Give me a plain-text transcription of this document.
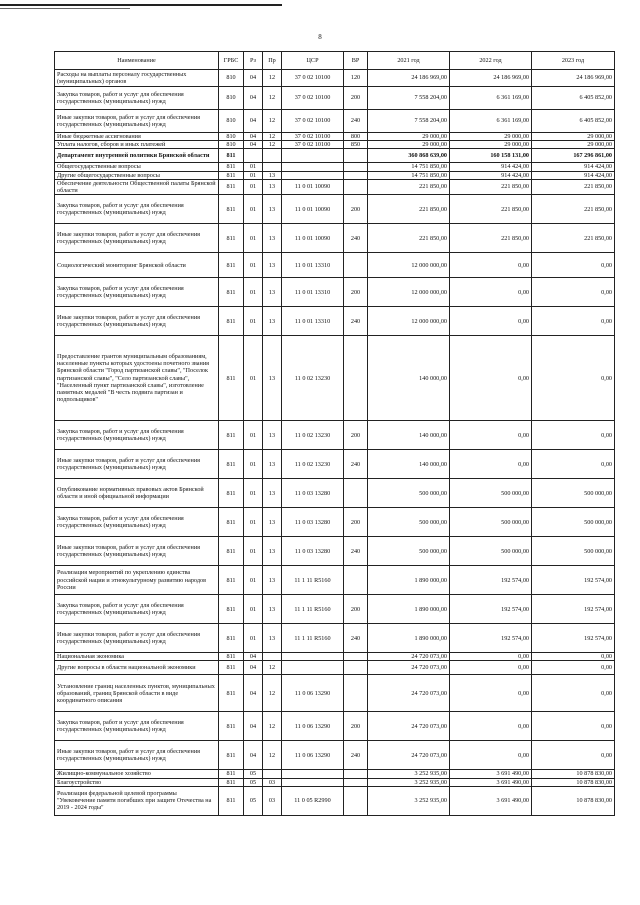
8
Наименование	ГРБС	Рз	Пр	ЦСР	ВР	2021 год	2022 год	2023 год
Расходы на выплаты персоналу государственных (муниципальных) органов	810	04	12	37 0 02 10100	120	24 186 969,00	24 186 969,00	24 186 969,00
Закупка товаров, работ и услуг для обеспечения государственных (муниципальных) нужд	810	04	12	37 0 02 10100	200	7 558 204,00	6 361 169,00	6 405 852,00
Иные закупки товаров, работ и услуг для обеспечения государственных (муниципальных) нужд	810	04	12	37 0 02 10100	240	7 558 204,00	6 361 169,00	6 405 852,00
Иные бюджетные ассигнования	810	04	12	37 0 02 10100	800	29 000,00	29 000,00	29 000,00
Уплата налогов, сборов и иных платежей	810	04	12	37 0 02 10100	850	29 000,00	29 000,00	29 000,00
Департамент внутренней политики Брянской области	811					360 868 639,00	160 158 131,00	167 296 861,00
Общегосударственные вопросы	811	01				14 751 850,00	914 424,00	914 424,00
Другие общегосударственные вопросы	811	01	13			14 751 850,00	914 424,00	914 424,00
Обеспечение деятельности Общественной палаты Брянской области	811	01	13	11 0 01 10090		221 850,00	221 850,00	221 850,00
Закупка товаров, работ и услуг для обеспечения государственных (муниципальных) нужд	811	01	13	11 0 01 10090	200	221 850,00	221 850,00	221 850,00
Иные закупки товаров, работ и услуг для обеспечения государственных (муниципальных) нужд	811	01	13	11 0 01 10090	240	221 850,00	221 850,00	221 850,00
Социологический мониторинг Брянской области	811	01	13	11 0 01 13310		12 000 000,00	0,00	0,00
Закупка товаров, работ и услуг для обеспечения государственных (муниципальных) нужд	811	01	13	11 0 01 13310	200	12 000 000,00	0,00	0,00
Иные закупки товаров, работ и услуг для обеспечения государственных (муниципальных) нужд	811	01	13	11 0 01 13310	240	12 000 000,00	0,00	0,00
Предоставление грантов муниципальным образованиям, населенные пункты которых удостоены почетного звания Брянской области "Город партизанской славы", "Поселок партизанской славы", "Село партизанской славы", "Населенный пункт партизанской славы", изготовление памятных медалей "В честь подвига партизан и подпольщиков"	811	01	13	11 0 02 13230		140 000,00	0,00	0,00
Закупка товаров, работ и услуг для обеспечения государственных (муниципальных) нужд	811	01	13	11 0 02 13230	200	140 000,00	0,00	0,00
Иные закупки товаров, работ и услуг для обеспечения государственных (муниципальных) нужд	811	01	13	11 0 02 13230	240	140 000,00	0,00	0,00
Опубликование нормативных правовых актов Брянской области и иной официальной информации	811	01	13	11 0 03 13280		500 000,00	500 000,00	500 000,00
Закупка товаров, работ и услуг для обеспечения государственных (муниципальных) нужд	811	01	13	11 0 03 13280	200	500 000,00	500 000,00	500 000,00
Иные закупки товаров, работ и услуг для обеспечения государственных (муниципальных) нужд	811	01	13	11 0 03 13280	240	500 000,00	500 000,00	500 000,00
Реализация мероприятий по укреплению единства российской нации и этнокультурному развитию народов России	811	01	13	11 1 11 R5160		1 890 000,00	192 574,00	192 574,00
Закупка товаров, работ и услуг для обеспечения государственных (муниципальных) нужд	811	01	13	11 1 11 R5160	200	1 890 000,00	192 574,00	192 574,00
Иные закупки товаров, работ и услуг для обеспечения государственных (муниципальных) нужд	811	01	13	11 1 11 R5160	240	1 890 000,00	192 574,00	192 574,00
Национальная экономика	811	04				24 720 073,00	0,00	0,00
Другие вопросы в области национальной экономики	811	04	12			24 720 073,00	0,00	0,00
Установление границ населенных пунктов, муниципальных образований, границ Брянской области в виде координатного описания	811	04	12	11 0 06 13290		24 720 073,00	0,00	0,00
Закупка товаров, работ и услуг для обеспечения государственных (муниципальных) нужд	811	04	12	11 0 06 13290	200	24 720 073,00	0,00	0,00
Иные закупки товаров, работ и услуг для обеспечения государственных (муниципальных) нужд	811	04	12	11 0 06 13290	240	24 720 073,00	0,00	0,00
Жилищно-коммунальное хозяйство	811	05				3 252 935,00	3 691 490,00	10 878 830,00
Благоустройство	811	05	03			3 252 935,00	3 691 490,00	10 878 830,00
Реализация федеральной целевой программы "Увековечение памяти погибших при защите Отечества на 2019 - 2024 годы"	811	05	03	11 0 05 R2990		3 252 935,00	3 691 490,00	10 878 830,00
